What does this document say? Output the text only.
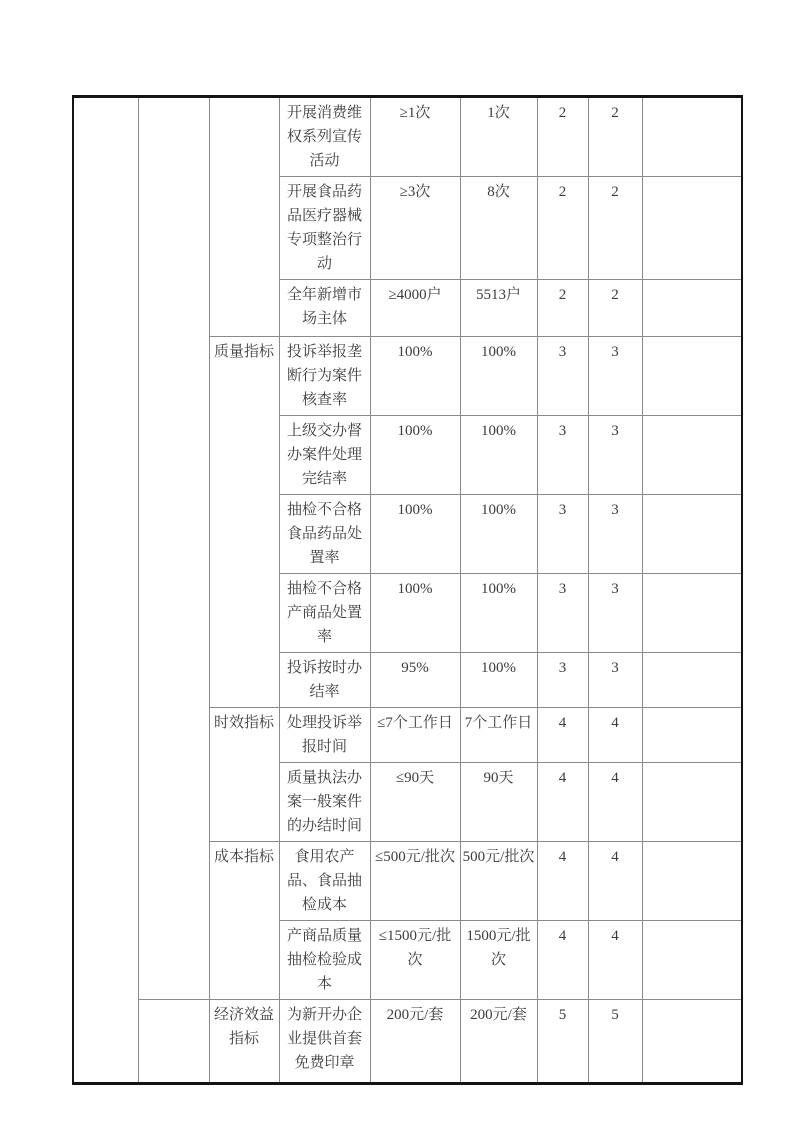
			开展消费维权系列宣传活动	≥1次	1次	2	2	
			开展食品药品医疗器械专项整治行动	≥3次	8次	2	2	
			全年新增市场主体	≥4000户	5513户	2	2	
		质量指标	投诉举报垄断行为案件核查率	100%	100%	3	3	
			上级交办督办案件处理完结率	100%	100%	3	3	
			抽检不合格食品药品处置率	100%	100%	3	3	
			抽检不合格产商品处置率	100%	100%	3	3	
			投诉按时办结率	95%	100%	3	3	
		时效指标	处理投诉举报时间	≤7个工作日	7个工作日	4	4	
			质量执法办案一般案件的办结时间	≤90天	90天	4	4	
		成本指标	食用农产品、食品抽检成本	≤500元/批次	500元/批次	4	4	
			产商品质量抽检检验成本	≤1500元/批次	1500元/批次	4	4	
		经济效益指标	为新开办企业提供首套免费印章	200元/套	200元/套	5	5	
